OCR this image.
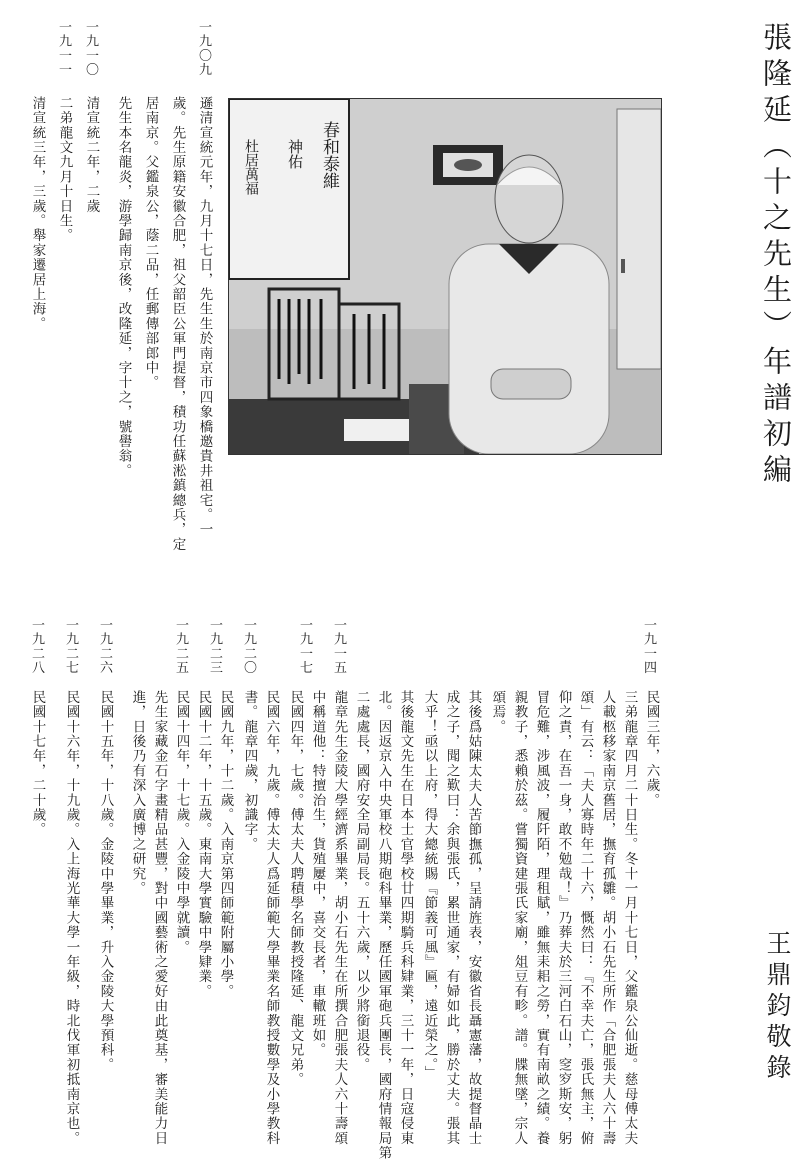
張隆延（十之先生）年譜初編
王鼎鈞敬錄
春和泰維
神佑
杜居萬福
一九〇九
遜清宣統元年，九月十七日，先生生於南京市四象橋邀貴井祖宅。一
歲。先生原籍安徽合肥，祖父韶臣公軍門提督，積功任蘇淞鎮總兵，定
居南京。父鑑泉公，蔭二品，任郵傳部郎中。
先生本名龍炎，游學歸南京後，改隆延，字十之，號嚳翁。
一九一〇
清宣統二年，二歲
二弟龍文九月十日生。
一九一一
清宣統三年，三歲。舉家遷居上海。
一九一四
民國三年，六歲。
三弟龍章四月二十日生。冬十一月十七日，父鑑泉公仙逝。慈母傅太夫
人載柩移家南京舊居，撫育孤雛。胡小石先生所作「合肥張夫人六十壽
頌」有云：「夫人寡時年二十六，慨然曰：『不幸夫亡，張氏無主，俯
仰之責，在吾一身，敢不勉哉！』乃葬夫於三河白石山，窆穸斯安，躬
冒危難，涉風波，履阡陌，理租賦，雖無耒耜之勞，實有南畝之績。養
親教子，悉賴於茲。嘗獨資建張氏家廟，俎豆有畛。譜。牒無墜，宗人
頌焉。
其後爲姑陳太夫人苦節撫孤，呈請旌表，安徽省長聶憲藩，故提督晶士
成之子，聞之歎曰：余與張氏，累世通家，有婦如此，勝於丈夫。張其
大乎！亟以上府，得大總統賜『節義可風』匾，遠近榮之。」
其後龍文先生在日本士官學校廿四期騎兵科肄業，三十一年，日寇侵東
北。因返京入中央軍校八期砲科畢業，歷任國軍砲兵團長，國府情報局第
二處處長，國府安全局副局長。五十六歲，以少將銜退役。
龍章先生金陵大學經濟系畢業，胡小石先生在所撰合肥張夫人六十壽頌
中稱道他：特擅治生，貨殖屢中，喜交長者，車轍班如。
一九一五
民國四年，七歲。傅太夫人聘積學名師教授隆延、龍文兄弟。
一九一七
民國六年，九歲。傅太夫人爲延師範大學畢業名師教授數學及小學教科
書。龍章四歲，初識字。
一九二〇
民國九年，十二歲。入南京第四師範附屬小學。
一九二三
民國十二年，十五歲。東南大學實驗中學肄業。
一九二五
民國十四年，十七歲。入金陵中學就讀。
先生家藏金石字畫精品甚豐，對中國藝術之愛好由此奠基，審美能力日
進，日後乃有深入廣博之研究。
一九二六
民國十五年，十八歲。金陵中學畢業，升入金陵大學預科。
一九二七
民國十六年，十九歲。入上海光華大學一年級，時北伐軍初抵南京也。
一九二八
民國十七年，二十歲。
